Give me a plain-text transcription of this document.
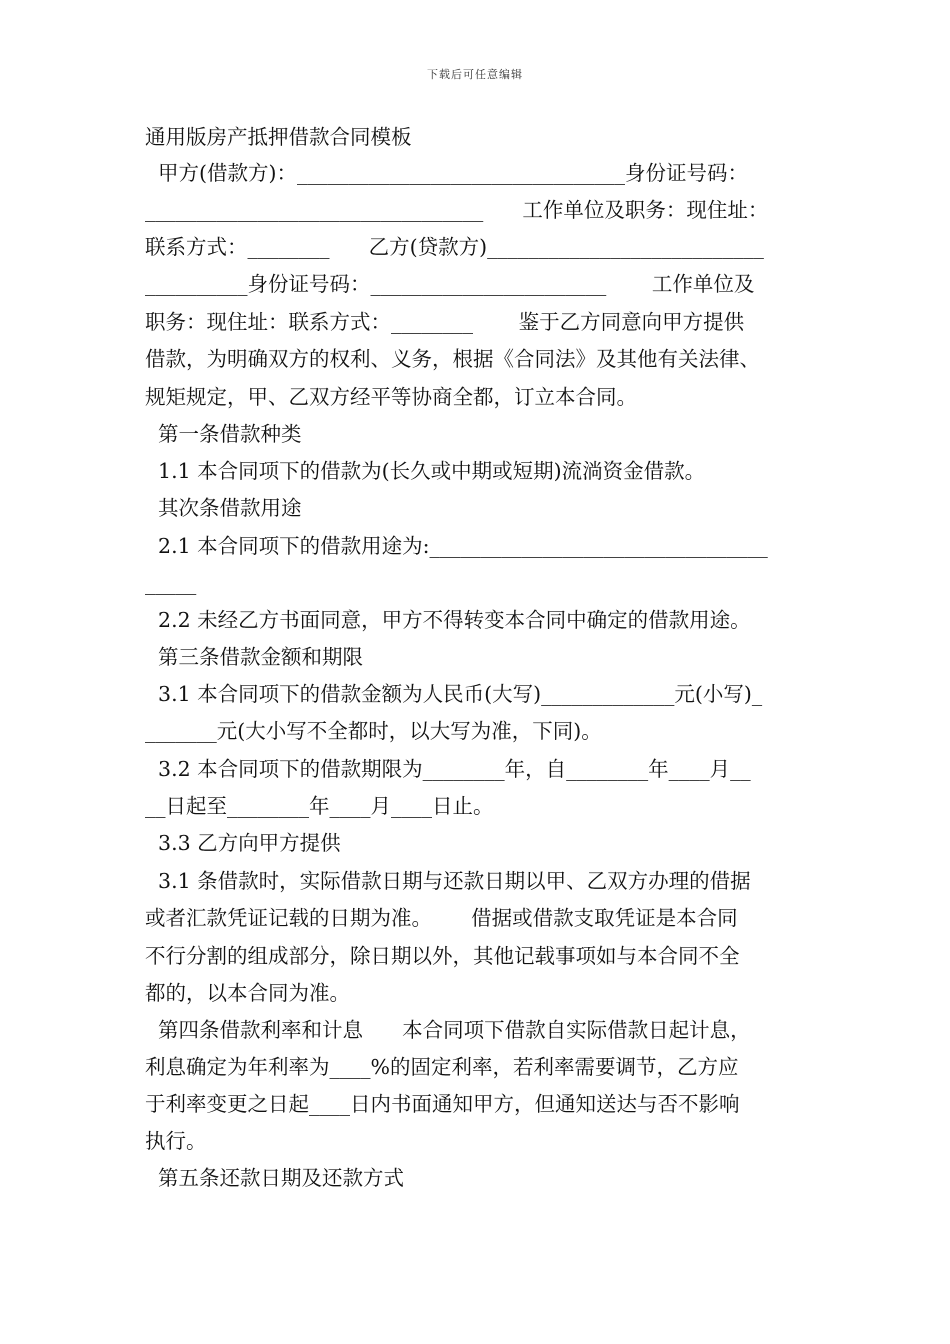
下载后可任意编辑
通用版房产抵押借款合同模板
甲方(借款方)：________________________________身份证号码：
_________________________________      工作单位及职务：现住址：
联系方式：________      乙方(贷款方)___________________________
__________身份证号码：_______________________       工作单位及
职务：现住址：联系方式：________       鉴于乙方同意向甲方提供
借款，为明确双方的权利、义务，根据《合同法》及其他有关法律、
规矩规定，甲、乙双方经平等协商全都，订立本合同。
第一条借款种类
1.1 本合同项下的借款为(长久或中期或短期)流淌资金借款。
其次条借款用途
2.1 本合同项下的借款用途为:_________________________________
_____
2.2 未经乙方书面同意，甲方不得转变本合同中确定的借款用途。
第三条借款金额和期限
3.1 本合同项下的借款金额为人民币(大写)_____________元(小写)_
_______元(大小写不全都时，以大写为准，下同)。
3.2 本合同项下的借款期限为________年，自________年____月__
__日起至________年____月____日止。
3.3 乙方向甲方提供
3.1 条借款时，实际借款日期与还款日期以甲、乙双方办理的借据
或者汇款凭证记载的日期为准。      借据或借款支取凭证是本合同
不行分割的组成部分，除日期以外，其他记载事项如与本合同不全
都的，以本合同为准。
第四条借款利率和计息      本合同项下借款自实际借款日起计息，
利息确定为年利率为____%的固定利率，若利率需要调节，乙方应
于利率变更之日起____日内书面通知甲方，但通知送达与否不影响
执行。
第五条还款日期及还款方式
